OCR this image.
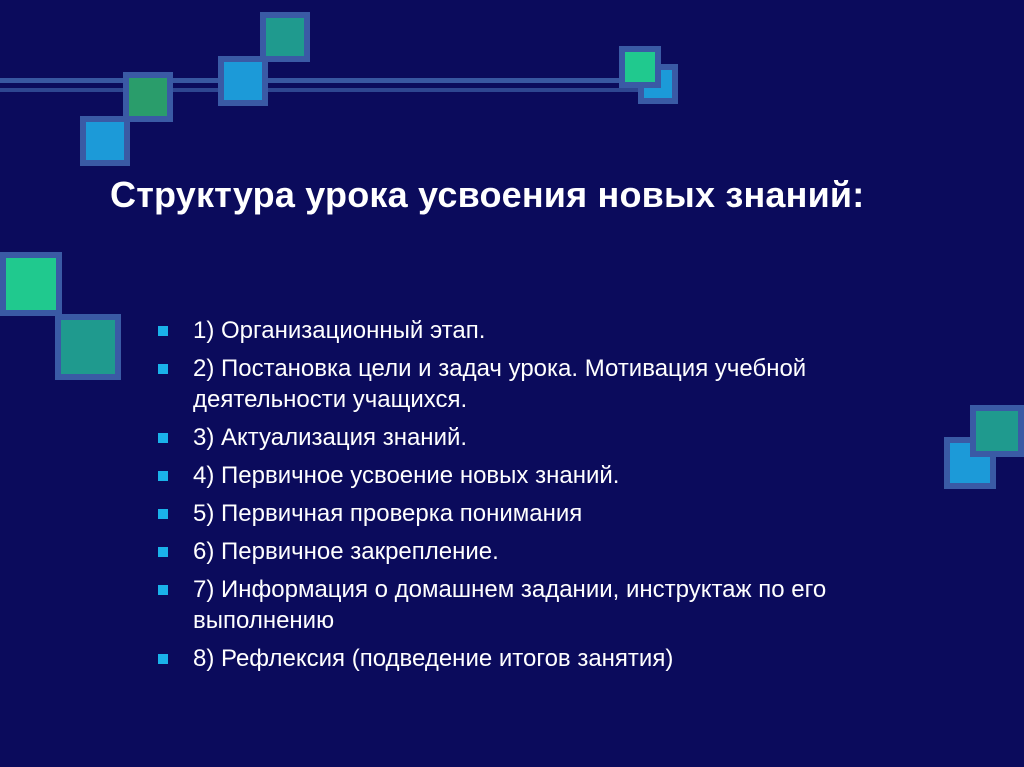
Структура урока усвоения новых знаний:
1) Организационный этап.
2) Постановка цели и задач урока. Мотивация учебной деятельности учащихся.
3) Актуализация знаний.
4) Первичное усвоение новых знаний.
5) Первичная проверка понимания
6) Первичное закрепление.
7) Информация о домашнем задании, инструктаж по его выполнению
8) Рефлексия (подведение итогов занятия)
